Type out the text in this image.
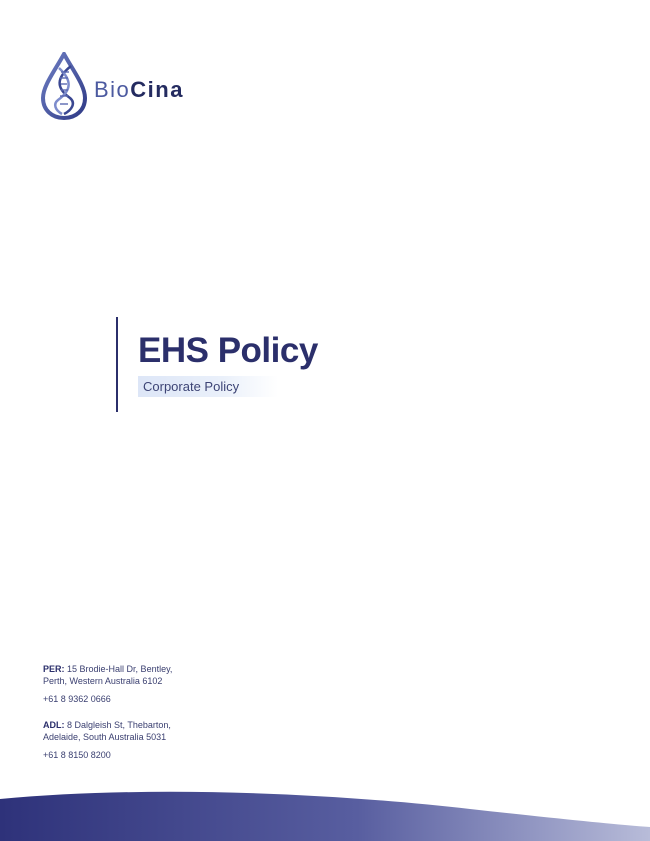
BioCina
EHS Policy
Corporate Policy

PER: 15 Brodie-Hall Dr, Bentley,

Perth, Western Australia 6102

+61 8 9362 0666

ADL: 8 Dalgleish St, Thebarton,

Adelaide, South Australia 5031

+61 8 8150 8200
